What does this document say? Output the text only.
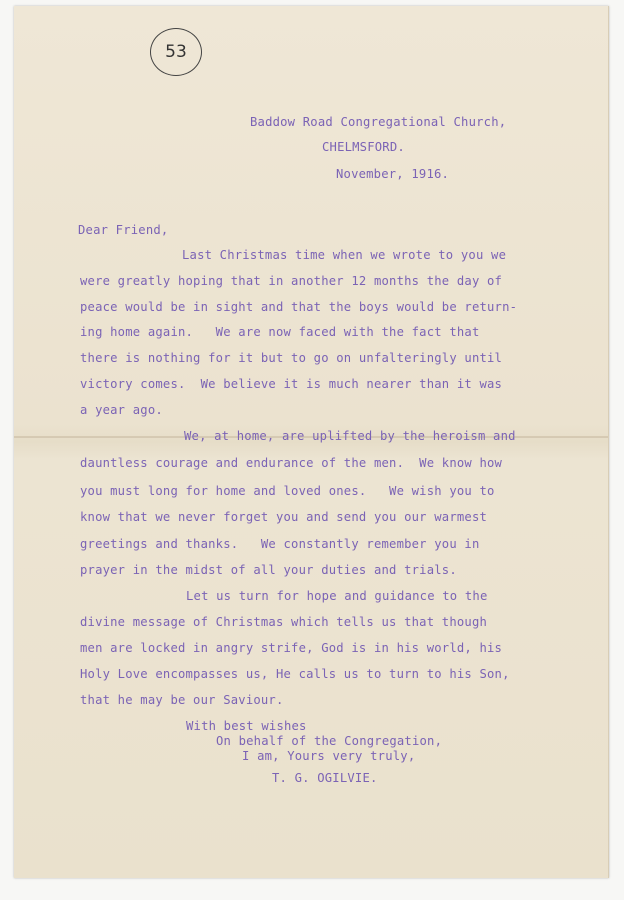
53
Baddow Road Congregational Church,
CHELMSFORD.
November, 1916.
Dear Friend,
Last Christmas time when we wrote to you we
were greatly hoping that in another 12 months the day of
peace would be in sight and that the boys would be return-
ing home again.   We are now faced with the fact that
there is nothing for it but to go on unfalteringly until
victory comes.  We believe it is much nearer than it was
a year ago.
We, at home, are uplifted by the heroism and
dauntless courage and endurance of the men.  We know how
you must long for home and loved ones.   We wish you to
know that we never forget you and send you our warmest
greetings and thanks.   We constantly remember you in
prayer in the midst of all your duties and trials.
Let us turn for hope and guidance to the
divine message of Christmas which tells us that though
men are locked in angry strife, God is in his world, his
Holy Love encompasses us, He calls us to turn to his Son,
that he may be our Saviour.
With best wishes
On behalf of the Congregation,
I am, Yours very truly,
T. G. OGILVIE.
